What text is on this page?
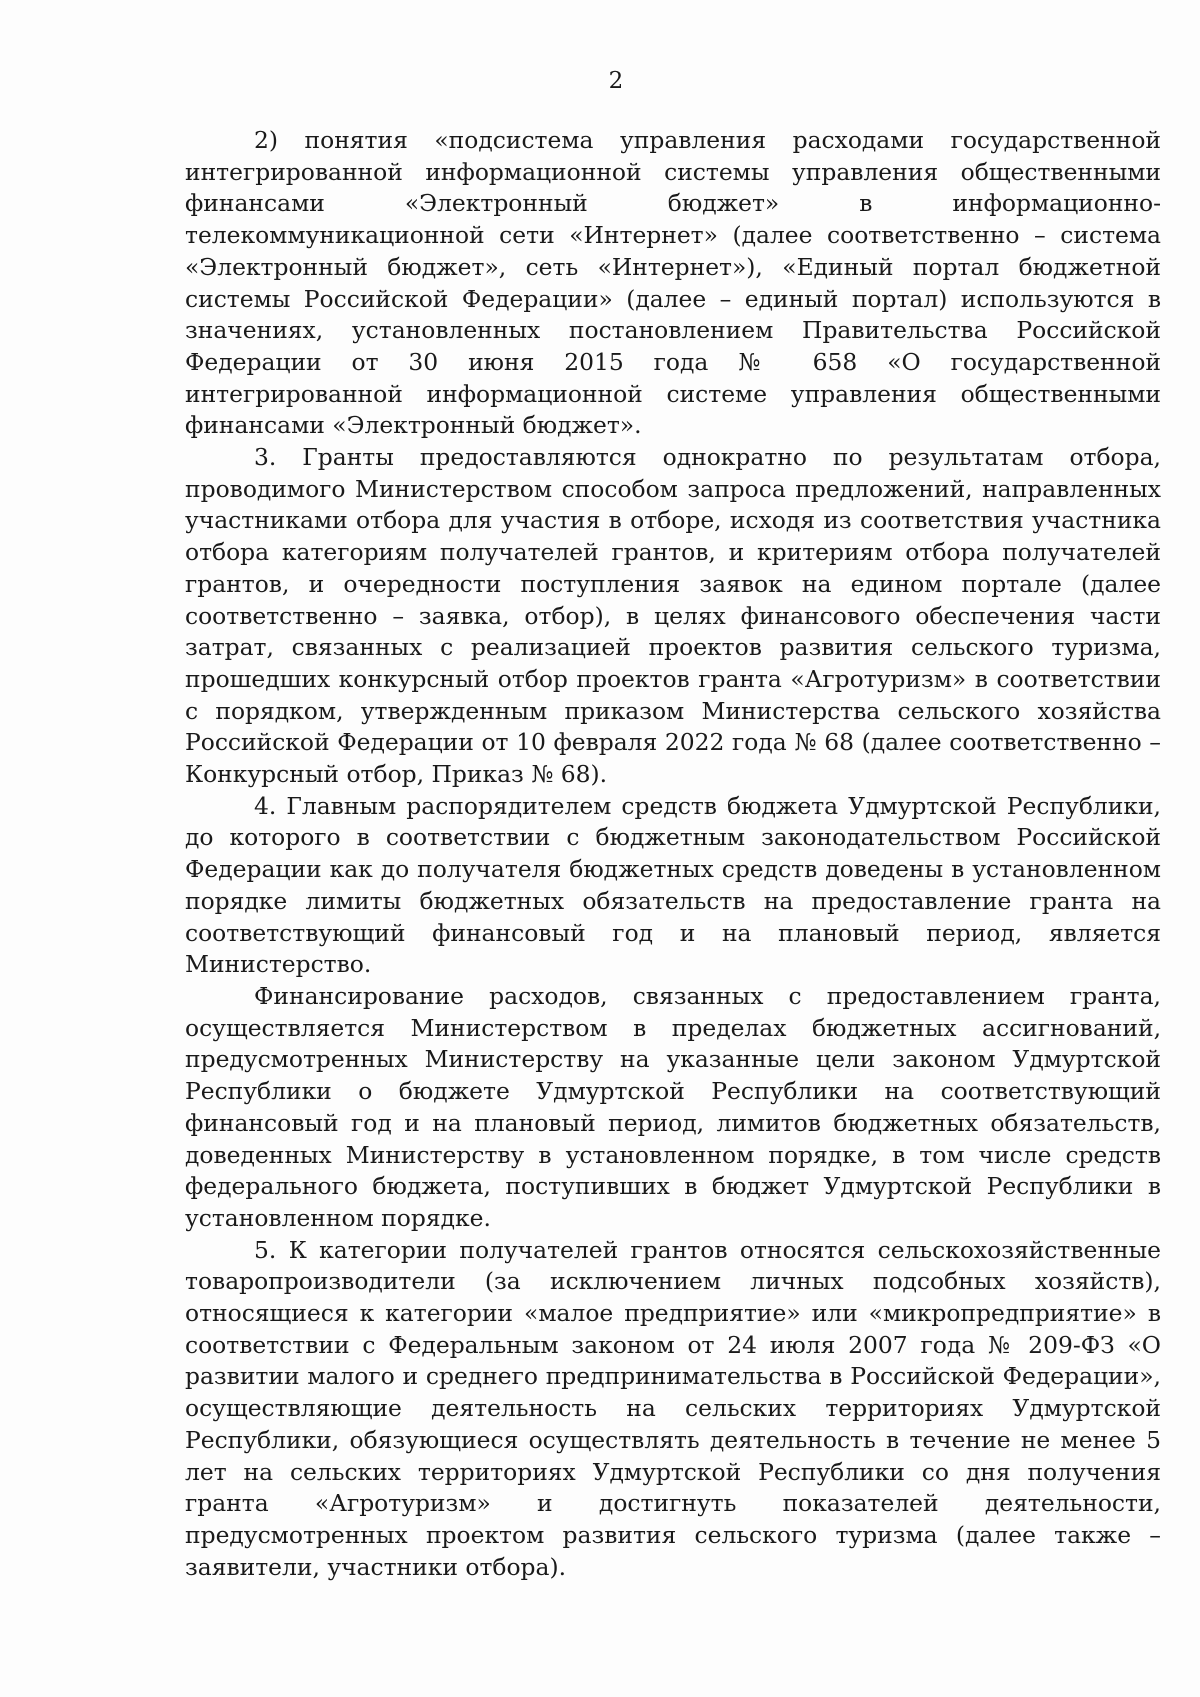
2

2) понятия «подсистема управления расходами государственной интегрированной информационной системы управления общественными финансами «Электронный бюджет» в информационно-телекоммуникационной сети «Интернет» (далее соответственно – система «Электронный бюджет», сеть «Интернет»), «Единый портал бюджетной системы Российской Федерации» (далее – единый портал) используются в значениях, установленных постановлением Правительства Российской Федерации от 30 июня 2015 года № 658 «О государственной интегрированной информационной системе управления общественными финансами «Электронный бюджет».

3. Гранты предоставляются однократно по результатам отбора, проводимого Министерством способом запроса предложений, направленных участниками отбора для участия в отборе, исходя из соответствия участника отбора категориям получателей грантов, и критериям отбора получателей грантов, и очередности поступления заявок на едином портале (далее соответственно – заявка, отбор), в целях финансового обеспечения части затрат, связанных с реализацией проектов развития сельского туризма, прошедших конкурсный отбор проектов гранта «Агротуризм» в соответствии с порядком, утвержденным приказом Министерства сельского хозяйства Российской Федерации от 10 февраля 2022 года № 68 (далее соответственно – Конкурсный отбор, Приказ № 68).

4. Главным распорядителем средств бюджета Удмуртской Республики, до которого в соответствии с бюджетным законодательством Российской Федерации как до получателя бюджетных средств доведены в установленном порядке лимиты бюджетных обязательств на предоставление гранта на соответствующий финансовый год и на плановый период, является Министерство.

Финансирование расходов, связанных с предоставлением гранта, осуществляется Министерством в пределах бюджетных ассигнований, предусмотренных Министерству на указанные цели законом Удмуртской Республики о бюджете Удмуртской Республики на соответствующий финансовый год и на плановый период, лимитов бюджетных обязательств, доведенных Министерству в установленном порядке, в том числе средств федерального бюджета, поступивших в бюджет Удмуртской Республики в установленном порядке.

5. К категории получателей грантов относятся сельскохозяйственные товаропроизводители (за исключением личных подсобных хозяйств), относящиеся к категории «малое предприятие» или «микропредприятие» в соответствии с Федеральным законом от 24 июля 2007 года № 209-ФЗ «О развитии малого и среднего предпринимательства в Российской Федерации», осуществляющие деятельность на сельских территориях Удмуртской Республики, обязующиеся осуществлять деятельность в течение не менее 5 лет на сельских территориях Удмуртской Республики со дня получения гранта «Агротуризм» и достигнуть показателей деятельности, предусмотренных проектом развития сельского туризма (далее также – заявители, участники отбора).
